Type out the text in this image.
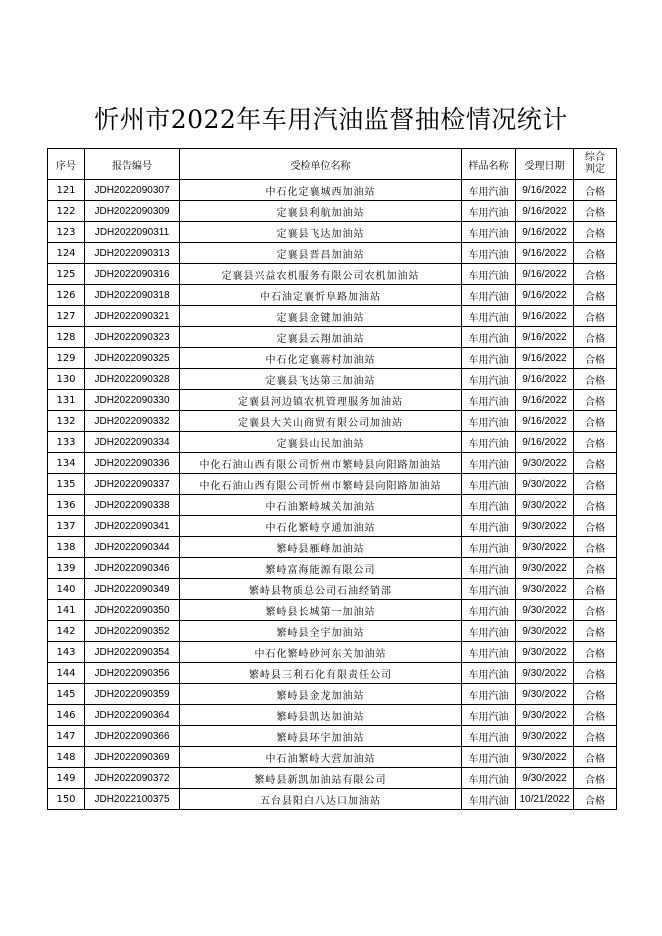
忻州市2022年车用汽油监督抽检情况统计
序号	报告编号	受检单位名称	样品名称	受理日期	综合
判定
121	JDH2022090307	中石化定襄城西加油站	车用汽油	9/16/2022	合格
122	JDH2022090309	定襄县利航加油站	车用汽油	9/16/2022	合格
123	JDH2022090311	定襄县飞达加油站	车用汽油	9/16/2022	合格
124	JDH2022090313	定襄县晋昌加油站	车用汽油	9/16/2022	合格
125	JDH2022090316	定襄县兴益农机服务有限公司农机加油站	车用汽油	9/16/2022	合格
126	JDH2022090318	中石油定襄忻阜路加油站	车用汽油	9/16/2022	合格
127	JDH2022090321	定襄县金键加油站	车用汽油	9/16/2022	合格
128	JDH2022090323	定襄县云翔加油站	车用汽油	9/16/2022	合格
129	JDH2022090325	中石化定襄蒋村加油站	车用汽油	9/16/2022	合格
130	JDH2022090328	定襄县飞达第三加油站	车用汽油	9/16/2022	合格
131	JDH2022090330	定襄县河边镇农机管理服务加油站	车用汽油	9/16/2022	合格
132	JDH2022090332	定襄县大关山商贸有限公司加油站	车用汽油	9/16/2022	合格
133	JDH2022090334	定襄县山民加油站	车用汽油	9/16/2022	合格
134	JDH2022090336	中化石油山西有限公司忻州市繁峙县向阳路加油站	车用汽油	9/30/2022	合格
135	JDH2022090337	中化石油山西有限公司忻州市繁峙县向阳路加油站	车用汽油	9/30/2022	合格
136	JDH2022090338	中石油繁峙城关加油站	车用汽油	9/30/2022	合格
137	JDH2022090341	中石化繁峙亨通加油站	车用汽油	9/30/2022	合格
138	JDH2022090344	繁峙县雁峰加油站	车用汽油	9/30/2022	合格
139	JDH2022090346	繁峙富海能源有限公司	车用汽油	9/30/2022	合格
140	JDH2022090349	繁峙县物质总公司石油经销部	车用汽油	9/30/2022	合格
141	JDH2022090350	繁峙县长城第一加油站	车用汽油	9/30/2022	合格
142	JDH2022090352	繁峙县全宇加油站	车用汽油	9/30/2022	合格
143	JDH2022090354	中石化繁峙砂河东关加油站	车用汽油	9/30/2022	合格
144	JDH2022090356	繁峙县三利石化有限责任公司	车用汽油	9/30/2022	合格
145	JDH2022090359	繁峙县金龙加油站	车用汽油	9/30/2022	合格
146	JDH2022090364	繁峙县凯达加油站	车用汽油	9/30/2022	合格
147	JDH2022090366	繁峙县环宇加油站	车用汽油	9/30/2022	合格
148	JDH2022090369	中石油繁峙大营加油站	车用汽油	9/30/2022	合格
149	JDH2022090372	繁峙县新凯加油站有限公司	车用汽油	9/30/2022	合格
150	JDH2022100375	五台县阳白八达口加油站	车用汽油	10/21/2022	合格
